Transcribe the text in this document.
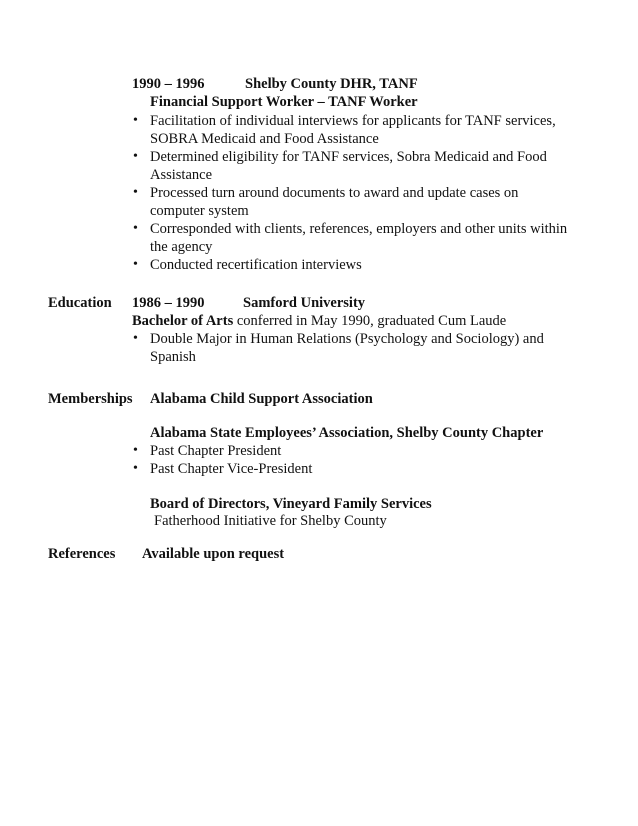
1990 – 1996	Shelby County DHR, TANF
Financial Support Worker – TANF Worker
• Facilitation of individual interviews for applicants for TANF services, SOBRA Medicaid and Food Assistance
• Determined eligibility for TANF services, Sobra Medicaid and Food Assistance
• Processed turn around documents to award and update cases on computer system
• Corresponded with clients, references, employers and other units within the agency
• Conducted recertification interviews
Education 1986 – 1990	Samford University
Bachelor of Arts conferred in May 1990, graduated Cum Laude
• Double Major in Human Relations (Psychology and Sociology) and Spanish
Memberships Alabama Child Support Association
Alabama State Employees’ Association, Shelby County Chapter
• Past Chapter President
• Past Chapter Vice-President
Board of Directors, Vineyard Family Services
Fatherhood Initiative for Shelby County
References Available upon request
